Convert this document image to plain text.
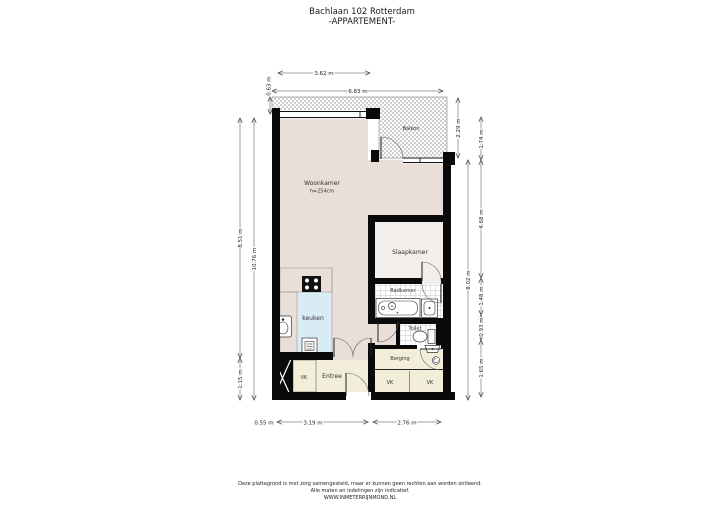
Bachlaan 102 Rotterdam
-APPARTEMENT-
3.62 m
6.83 m
8.51 m
1.15 m
10.76 m
0.63 m
2.29 m
8.02 m
1.74 m
4.68 m
1.48 m
0.93 m
1.65 m
0.55 m	3.19 m	2.76 m
Woonkamer
h=254cm
Balkon
Slaapkamer
Badkamer
Toilet
keuken
Berging
Entree
VK
VK	VK
Deze plattegrond is met zorg samengesteld, maar er kunnen geen rechten aan worden ontleend.
Alle maten en indelingen zijn indicatief.
WWW.INMETERRIJNMOND.NL
